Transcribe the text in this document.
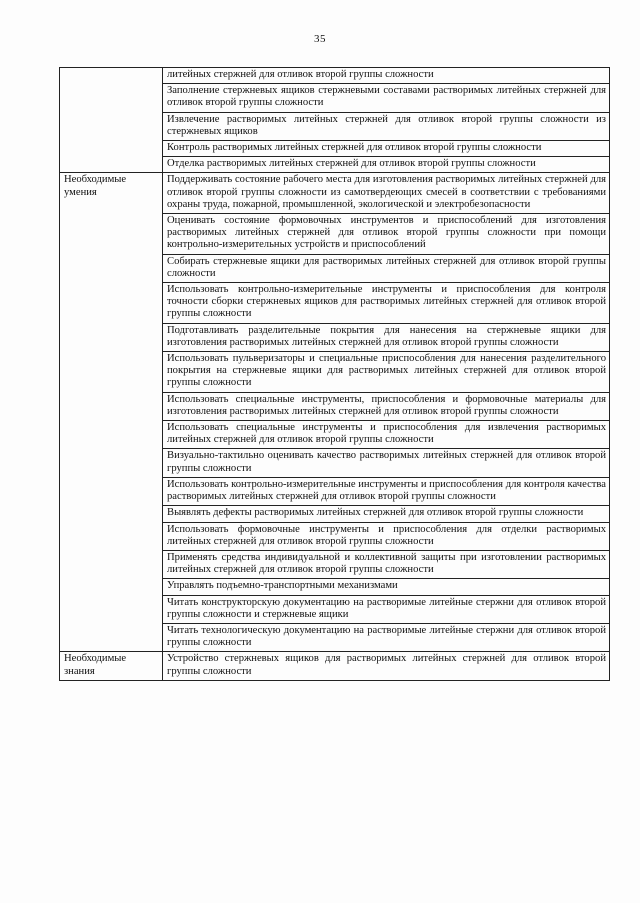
35
	литейных стержней для отливок второй группы сложности
	Заполнение стержневых ящиков стержневыми составами растворимых литейных стержней для отливок второй группы сложности
	Извлечение растворимых литейных стержней для отливок второй группы сложности из стержневых ящиков
	Контроль растворимых литейных стержней для отливок второй группы сложности
	Отделка растворимых литейных стержней для отливок второй группы сложности
Необходимые умения	Поддерживать состояние рабочего места для изготовления растворимых литейных стержней для отливок второй группы сложности из самотвердеющих смесей в соответствии с требованиями охраны труда, пожарной, промышленной, экологической и электробезопасности
	Оценивать состояние формовочных инструментов и приспособлений для изготовления растворимых литейных стержней для отливок второй группы сложности при помощи контрольно-измерительных устройств и приспособлений
	Собирать стержневые ящики для растворимых литейных стержней для отливок второй группы сложности
	Использовать контрольно-измерительные инструменты и приспособления для контроля точности сборки стержневых ящиков для растворимых литейных стержней для отливок второй группы сложности
	Подготавливать разделительные покрытия для нанесения на стержневые ящики для изготовления растворимых литейных стержней для отливок второй группы сложности
	Использовать пульверизаторы и специальные приспособления для нанесения разделительного покрытия на стержневые ящики для растворимых литейных стержней для отливок второй группы сложности
	Использовать специальные инструменты, приспособления и формовочные материалы для изготовления растворимых литейных стержней для отливок второй группы сложности
	Использовать специальные инструменты и приспособления для извлечения растворимых литейных стержней для отливок второй группы сложности
	Визуально-тактильно оценивать качество растворимых литейных стержней для отливок второй группы сложности
	Использовать контрольно-измерительные инструменты и приспособления для контроля качества растворимых литейных стержней для отливок второй группы сложности
	Выявлять дефекты растворимых литейных стержней для отливок второй группы сложности
	Использовать формовочные инструменты и приспособления для отделки растворимых литейных стержней для отливок второй группы сложности
	Применять средства индивидуальной и коллективной защиты при изготовлении растворимых литейных стержней для отливок второй группы сложности
	Управлять подъемно-транспортными механизмами
	Читать конструкторскую документацию на растворимые литейные стержни для отливок второй группы сложности и стержневые ящики
	Читать технологическую документацию на растворимые литейные стержни для отливок второй группы сложности
Необходимые знания	Устройство стержневых ящиков для растворимых литейных стержней для отливок второй группы сложности
